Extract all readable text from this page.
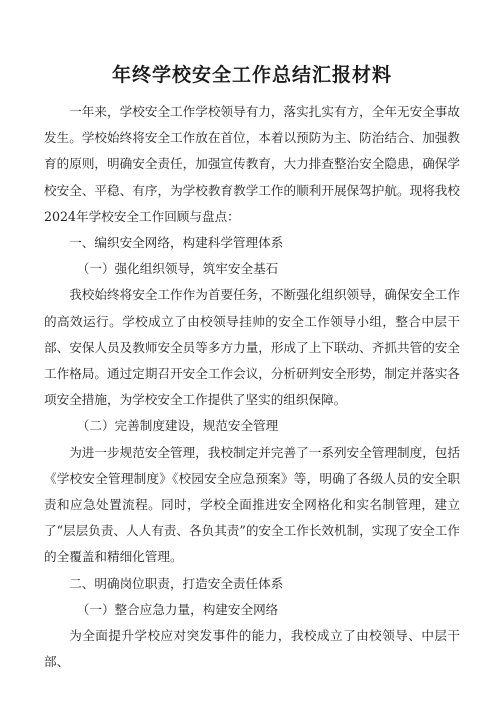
年终学校安全工作总结汇报材料

一年来，学校安全工作学校领导有力，落实扎实有方，全年无安全事故发生。学校始终将安全工作放在首位，本着以预防为主、防治结合、加强教育的原则，明确安全责任，加强宣传教育，大力排查整治安全隐患，确保学校安全、平稳、有序，为学校教育教学工作的顺利开展保驾护航。现将我校2024年学校安全工作回顾与盘点：

一、编织安全网络，构建科学管理体系

（一）强化组织领导，筑牢安全基石

我校始终将安全工作作为首要任务，不断强化组织领导，确保安全工作的高效运行。学校成立了由校领导挂帅的安全工作领导小组，整合中层干部、安保人员及教师安全员等多方力量，形成了上下联动、齐抓共管的安全工作格局。通过定期召开安全工作会议，分析研判安全形势，制定并落实各项安全措施，为学校安全工作提供了坚实的组织保障。

（二）完善制度建设，规范安全管理

为进一步规范安全管理，我校制定并完善了一系列安全管理制度，包括《学校安全管理制度》《校园安全应急预案》等，明确了各级人员的安全职责和应急处置流程。同时，学校全面推进安全网格化和实名制管理，建立了“层层负责、人人有责、各负其责”的安全工作长效机制，实现了安全工作的全覆盖和精细化管理。

二、明确岗位职责，打造安全责任体系

（一）整合应急力量，构建安全网络

为全面提升学校应对突发事件的能力，我校成立了由校领导、中层干部、
